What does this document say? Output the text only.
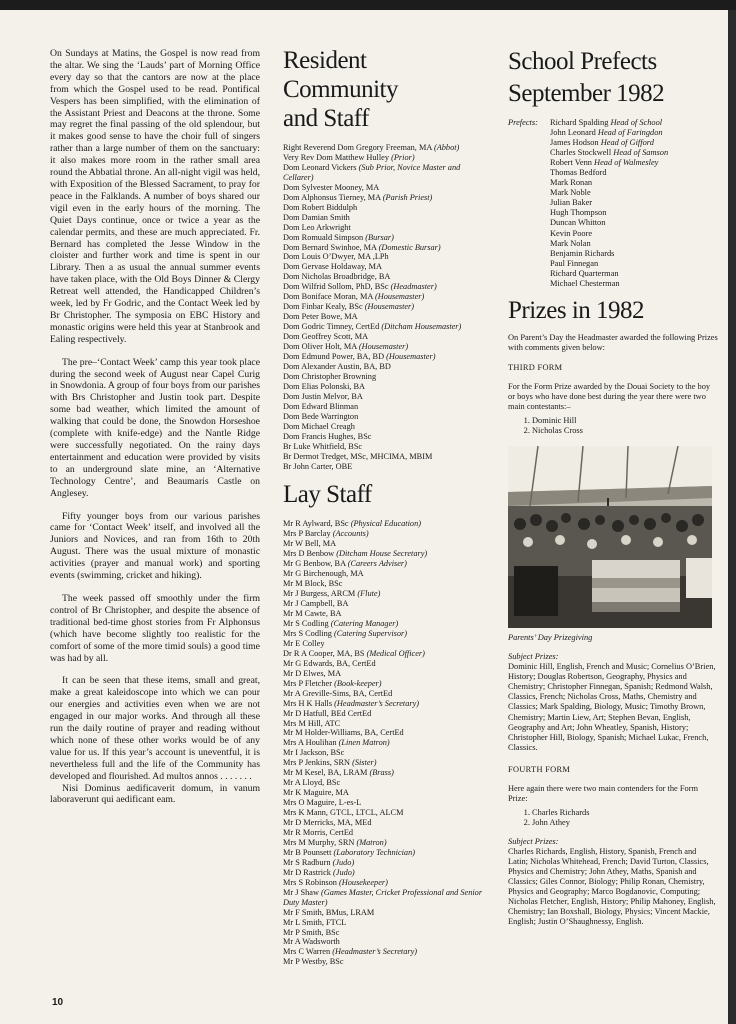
On Sundays at Matins, the Gospel is now read from the altar. We sing the ‘Lauds’ part of Morning Office every day so that the cantors are now at the place from which the Gospel used to be read. Pontifical Vespers has been simplified, with the elimination of the Assistant Priest and Deacons at the throne. Some may regret the final passing of the old splendour, but it makes good sense to have the choir full of singers rather than a large number of them on the sanctuary: it also makes more room in the rather small area round the Abbatial throne. An all-night vigil was held, with Exposition of the Blessed Sacrament, to pray for peace in the Falklands. A number of boys shared our vigil even in the early hours of the morning. The Quiet Days continue, once or twice a year as the calendar permits, and these are much appreciated. Fr. Bernard has completed the Jesse Window in the cloister and further work and time is spent in our Library. Then a as usual the annual summer events have taken place, with the Old Boys Dinner & Clergy Retreat well attended, the Handicapped Children’s week, led by Fr Godric, and the Contact Week led by Br Christopher. The symposia on EBC History and monastic origins were held this year at Stanbrook and Ealing respectively.

The pre–‘Contact Week’ camp this year took place during the second week of August near Capel Curig in Snowdonia. A group of four boys from our parishes with Brs Christopher and Justin took part. Despite some bad weather, which limited the amount of walking that could be done, the Snowdon Horseshoe (complete with knife-edge) and the Nantle Ridge were successfully negotiated. On the rainy days entertainment and education were provided by visits to an underground slate mine, an ‘Alternative Technology Centre’, and Beaumaris Castle on Anglesey.

Fifty younger boys from our various parishes came for ‘Contact Week’ itself, and involved all the Juniors and Novices, and ran from 16th to 20th August. There was the usual mixture of monastic activities (prayer and manual work) and sporting events (swimming, cricket and hiking).

The week passed off smoothly under the firm control of Br Christopher, and despite the absence of traditional bed-time ghost stories from Fr Alphonsus (which have become slightly too realistic for the comfort of some of the more timid souls) a good time was had by all.

It can be seen that these items, small and great, make a great kaleidoscope into which we can pour our energies and activities even when we are not engaged in our major works. And through all these run the daily routine of prayer and reading without which none of these other works would be of any value for us. If this year’s account is uneventful, it is nevertheless full and the life of the Community has developed and flourished. Ad multos annos . . . . . . .

Nisi Dominus aedificaverit domum, in vanum laboraverunt qui aedificant eam.

Resident
Community
and Staff
Right Reverend Dom Gregory Freeman, MA (Abbot)
Very Rev Dom Matthew Hulley (Prior)
Dom Leonard Vickers (Sub Prior, Novice Master and Cellarer)
Dom Sylvester Mooney, MA
Dom Alphonsus Tierney, MA (Parish Priest)
Dom Robert Biddulph
Dom Damian Smith
Dom Leo Arkwright
Dom Romuald Simpson (Bursar)
Dom Bernard Swinhoe, MA (Domestic Bursar)
Dom Louis O’Dwyer, MA ,LPh
Dom Gervase Holdaway, MA
Dom Nicholas Broadbridge, BA
Dom Wilfrid Sollom, PhD, BSc (Headmaster)
Dom Boniface Moran, MA (Housemaster)
Dom Finbar Kealy, BSc (Housemaster)
Dom Peter Bowe, MA
Dom Godric Timney, CertEd (Ditcham Housemaster)
Dom Geoffrey Scott, MA
Dom Oliver Holt, MA (Housemaster)
Dom Edmund Power, BA, BD (Housemaster)
Dom Alexander Austin, BA, BD
Dom Christopher Browning
Dom Elias Polonski, BA
Dom Justin Melvor, BA
Dom Edward Blinman
Dom Bede Warrington
Dom Michael Creagh
Dom Francis Hughes, BSc
Br Luke Whitfield, BSc
Br Dermot Tredget, MSc, MHCIMA, MBIM
Br John Carter, OBE
Lay Staff
Mr R Aylward, BSc (Physical Education)
Mrs P Barclay (Accounts)
Mr W Bell, MA
Mrs D Benbow (Ditcham House Secretary)
Mr G Benbow, BA (Careers Adviser)
Mr G Birchenough, MA
Mr M Block, BSc
Mr J Burgess, ARCM (Flute)
Mr J Campbell, BA
Mr M Cawte, BA
Mr S Codling (Catering Manager)
Mrs S Codling (Catering Supervisor)
Mr E Colley
Dr R A Cooper, MA, BS (Medical Officer)
Mr G Edwards, BA, CertEd
Mr D Elwes, MA
Mrs P Fletcher (Book-keeper)
Mr A Greville-Sims, BA, CertEd
Mrs H K Halls (Headmaster’s Secretary)
Mr D Hatfull, BEd CertEd
Mrs M Hill, ATC
Mr M Holder-Williams, BA, CertEd
Mrs A Houlihan (Linen Matron)
Mr I Jackson, BSc
Mrs P Jenkins, SRN (Sister)
Mr M Kesel, BA, LRAM (Brass)
Mr A Lloyd, BSc
Mr K Maguire, MA
Mrs O Maguire, L-es-L
Mrs K Mann, GTCL, LTCL, ALCM
Mr D Merricks, MA, MEd
Mr R Morris, CertEd
Mrs M Murphy, SRN (Matron)
Mr B Pounsett (Laboratory Technician)
Mr S Radburn (Judo)
Mr D Rastrick (Judo)
Mrs S Robinson (Housekeeper)
Mr J Shaw (Games Master, Cricket Professional and Senior Duty Master)
Mr F Smith, BMus, LRAM
Mr L Smith, FTCL
Mr P Smith, BSc
Mr A Wadsworth
Mrs C Warren (Headmaster’s Secretary)
Mr P Westby, BSc
School Prefects
September 1982
Prefects:	Richard Spalding Head of School
John Leonard Head of Faringdon
James Hodson Head of Gifford
Charles Stockwell Head of Samson
Robert Venn Head of Walmesley
Thomas Bedford
Mark Ronan
Mark Noble
Julian Baker
Hugh Thompson
Duncan Whitton
Kevin Poore
Mark Nolan
Benjamin Richards
Paul Finnegan
Richard Quarterman
Michael Chesterman
Prizes in 1982

On Parent’s Day the Headmaster awarded the following Prizes with comments given below:

THIRD FORM

For the Form Prize awarded by the Douai Society to the boy or boys who have done best during the year there were two main contestants:–

1. Dominic Hill
2. Nicholas Cross
Parents’ Day Prizegiving
Subject Prizes:

Dominic Hill, English, French and Music; Cornelius O’Brien, History; Douglas Robertson, Geography, Physics and Chemistry; Christopher Finnegan, Spanish; Redmond Walsh, Classics, French; Nicholas Cross, Maths, Chemistry and Classics; Mark Spalding, Biology, Music; Timothy Brown, Chemistry; Martin Liew, Art; Stephen Bevan, English, Geography and Art; John Wheatley, Spanish, History; Christopher Hill, Biology, Spanish; Michael Lukac, French, Classics.

FOURTH FORM

Here again there were two main contenders for the Form Prize:

1. Charles Richards
2. John Athey
Subject Prizes:

Charles Richards, English, History, Spanish, French and Latin; Nicholas Whitehead, French; David Turton, Classics, Physics and Chemistry; John Athey, Maths, Spanish and Classics; Giles Connor, Biology; Philip Ronan, Chemistry, Physics and Geography; Marco Bogdanovic, Computing; Nicholas Fletcher, English, History; Philip Mahoney, English, Chemistry; Ian Boxshall, Biology, Physics; Vincent Mackie, English; Justin O’Shaughnessy, English.

10
